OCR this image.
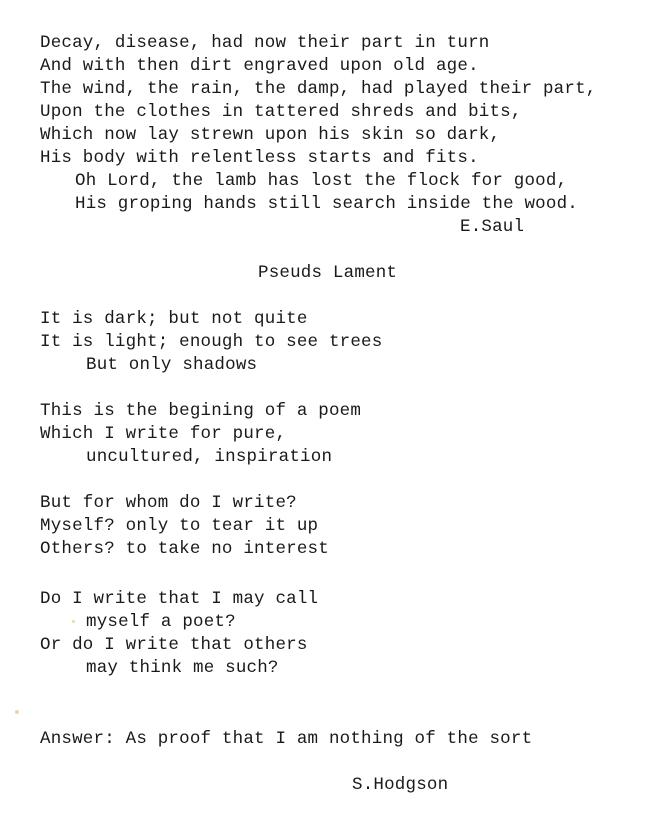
Decay, disease, had now their part in turn
And with then dirt engraved upon old age.
The wind, the rain, the damp, had played their part,
Upon the clothes in tattered shreds and bits,
Which now lay strewn upon his skin so dark,
His body with relentless starts and fits.
Oh Lord, the lamb has lost the flock for good,
His groping hands still search inside the wood.
E.Saul
Pseuds Lament
It is dark; but not quite
It is light; enough to see trees
But only shadows
This is the begining of a poem
Which I write for pure,
uncultured, inspiration
But for whom do I write?
Myself? only to tear it up
Others? to take no interest
Do I write that I may call
myself a poet?
Or do I write that others
may think me such?
Answer: As proof that I am nothing of the sort
S.Hodgson
